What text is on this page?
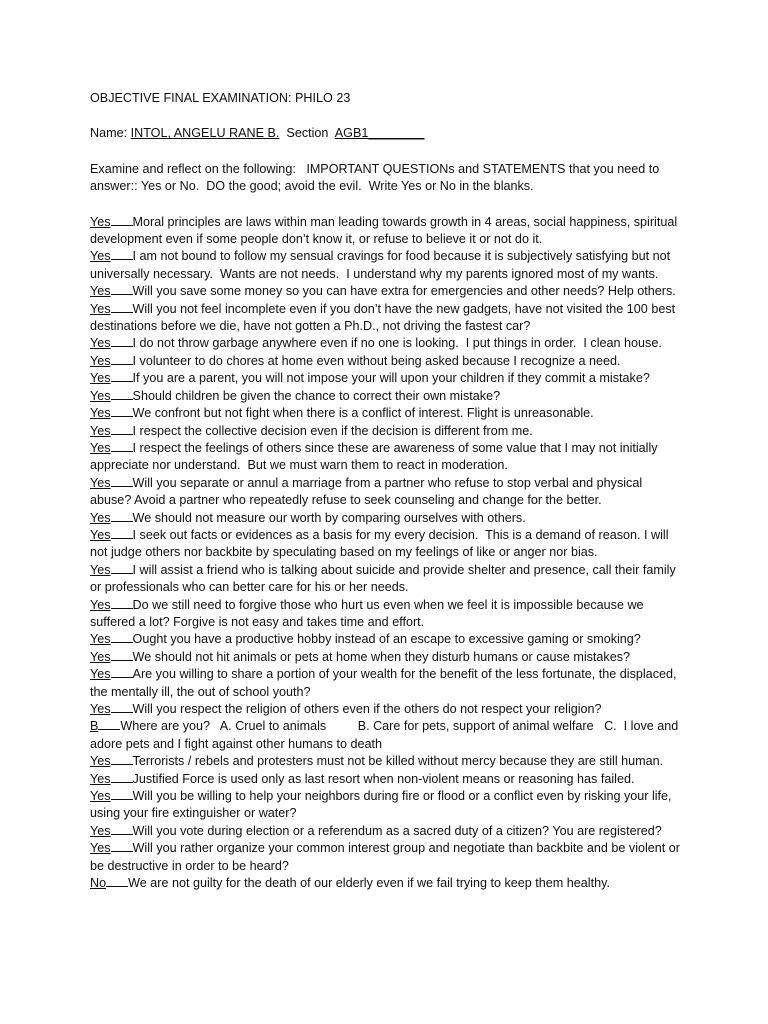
OBJECTIVE FINAL EXAMINATION: PHILO 23
Name: INTOL, ANGELU RANE B.  Section  AGB1________
Examine and reflect on the following:   IMPORTANT QUESTIONs and STATEMENTS that you need to
answer:: Yes or No.  DO the good; avoid the evil.  Write Yes or No in the blanks.
Yes Moral principles are laws within man leading towards growth in 4 areas, social happiness, spiritual development even if some people don’t know it, or refuse to believe it or not do it.
Yes I am not bound to follow my sensual cravings for food because it is subjectively satisfying but not universally necessary.  Wants are not needs.  I understand why my parents ignored most of my wants.
Yes Will you save some money so you can have extra for emergencies and other needs? Help others.
Yes Will you not feel incomplete even if you don’t have the new gadgets, have not visited the 100 best destinations before we die, have not gotten a Ph.D., not driving the fastest car?
Yes I do not throw garbage anywhere even if no one is looking.  I put things in order.  I clean house.
Yes I volunteer to do chores at home even without being asked because I recognize a need.
Yes If you are a parent, you will not impose your will upon your children if they commit a mistake?
Yes Should children be given the chance to correct their own mistake?
Yes We confront but not fight when there is a conflict of interest. Flight is unreasonable.
Yes I respect the collective decision even if the decision is different from me.
Yes I respect the feelings of others since these are awareness of some value that I may not initially appreciate nor understand.  But we must warn them to react in moderation.
Yes Will you separate or annul a marriage from a partner who refuse to stop verbal and physical abuse? Avoid a partner who repeatedly refuse to seek counseling and change for the better.
Yes We should not measure our worth by comparing ourselves with others.
Yes I seek out facts or evidences as a basis for my every decision.  This is a demand of reason. I will not judge others nor backbite by speculating based on my feelings of like or anger nor bias.
Yes I will assist a friend who is talking about suicide and provide shelter and presence, call their family or professionals who can better care for his or her needs.
Yes Do we still need to forgive those who hurt us even when we feel it is impossible because we suffered a lot? Forgive is not easy and takes time and effort.
Yes Ought you have a productive hobby instead of an escape to excessive gaming or smoking?
Yes We should not hit animals or pets at home when they disturb humans or cause mistakes?
Yes Are you willing to share a portion of your wealth for the benefit of the less fortunate, the displaced, the mentally ill, the out of school youth?
Yes Will you respect the religion of others even if the others do not respect your religion?
B Where are you?   A. Cruel to animals         B. Care for pets, support of animal welfare   C.  I love and adore pets and I fight against other humans to death
Yes Terrorists / rebels and protesters must not be killed without mercy because they are still human.
Yes Justified Force is used only as last resort when non-violent means or reasoning has failed.
Yes Will you be willing to help your neighbors during fire or flood or a conflict even by risking your life, using your fire extinguisher or water?
Yes Will you vote during election or a referendum as a sacred duty of a citizen? You are registered?
Yes Will you rather organize your common interest group and negotiate than backbite and be violent or be destructive in order to be heard?
No We are not guilty for the death of our elderly even if we fail trying to keep them healthy.
